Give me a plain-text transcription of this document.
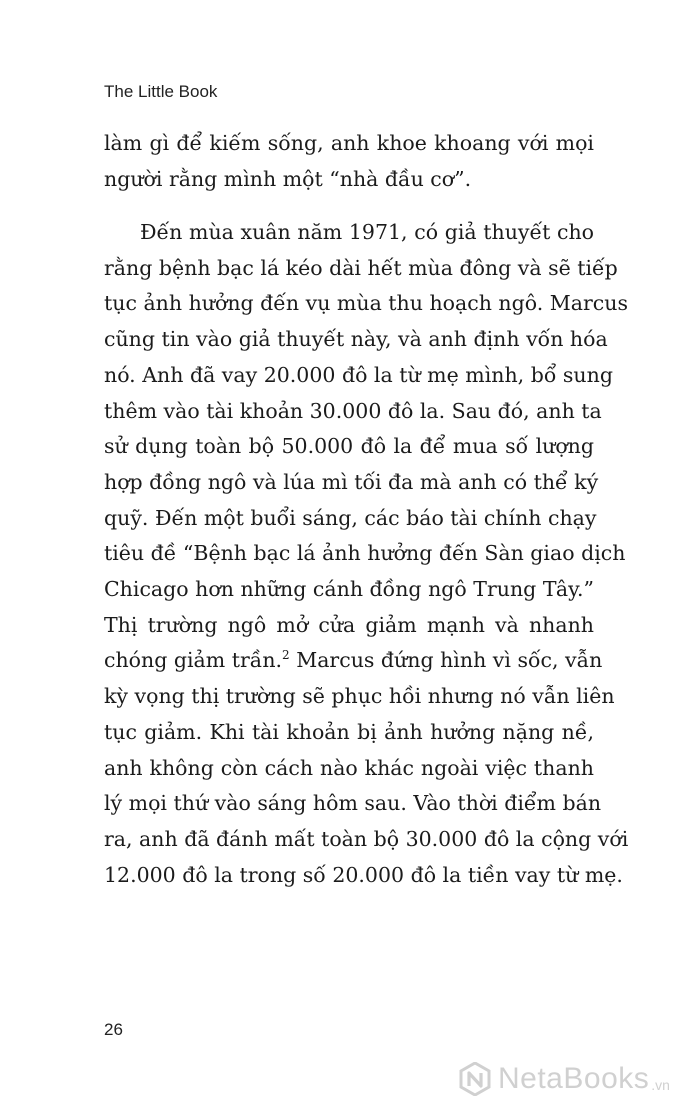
The Little Book
làm gì để kiếm sống, anh khoe khoang với mọi
người rằng mình một “nhà đầu cơ”.
Đến mùa xuân năm 1971, có giả thuyết cho
rằng bệnh bạc lá kéo dài hết mùa đông và sẽ tiếp
tục ảnh hưởng đến vụ mùa thu hoạch ngô. Marcus
cũng tin vào giả thuyết này, và anh định vốn hóa
nó. Anh đã vay 20.000 đô la từ mẹ mình, bổ sung
thêm vào tài khoản 30.000 đô la. Sau đó, anh ta
sử dụng toàn bộ 50.000 đô la để mua số lượng
hợp đồng ngô và lúa mì tối đa mà anh có thể ký
quỹ. Đến một buổi sáng, các báo tài chính chạy
tiêu đề “Bệnh bạc lá ảnh hưởng đến Sàn giao dịch
Chicago hơn những cánh đồng ngô Trung Tây.”
Thị trường ngô mở cửa giảm mạnh và nhanh
chóng giảm trần.$^2$ Marcus đứng hình vì sốc, vẫn
kỳ vọng thị trường sẽ phục hồi nhưng nó vẫn liên
tục giảm. Khi tài khoản bị ảnh hưởng nặng nề,
anh không còn cách nào khác ngoài việc thanh
lý mọi thứ vào sáng hôm sau. Vào thời điểm bán
ra, anh đã đánh mất toàn bộ 30.000 đô la cộng với
12.000 đô la trong số 20.000 đô la tiền vay từ mẹ.
26
NetaBooks .vn
